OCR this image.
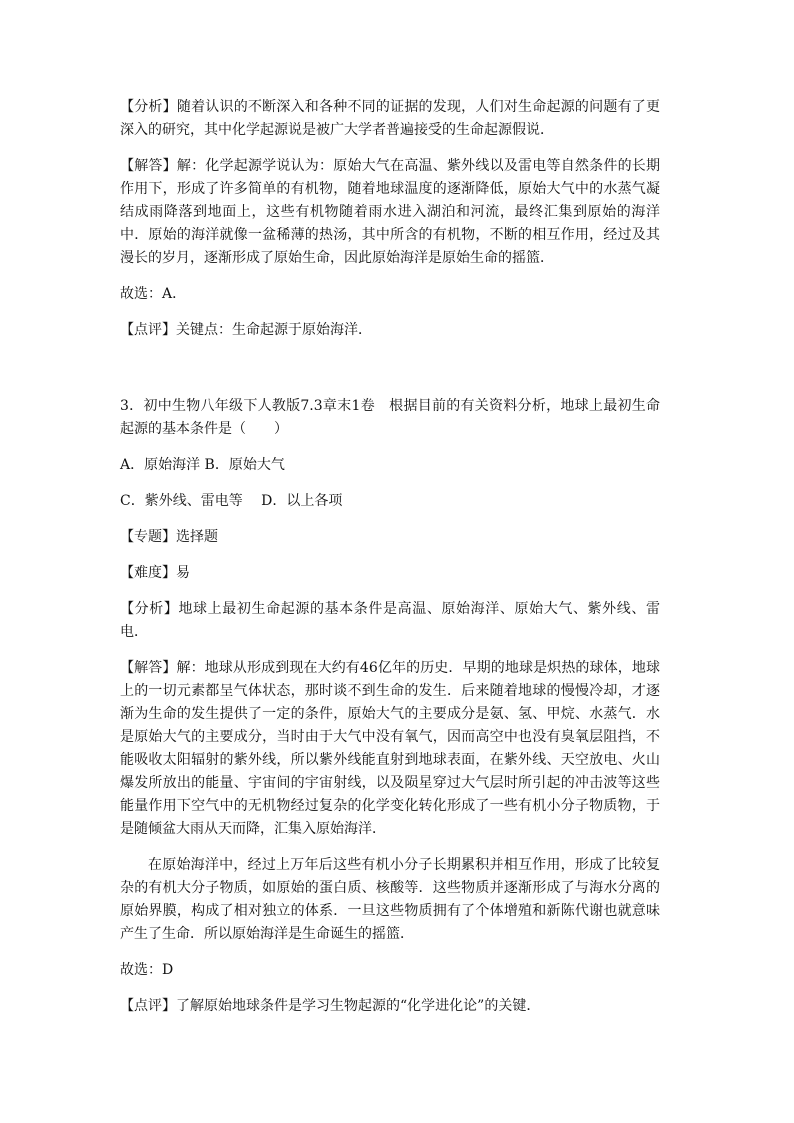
【分析】随着认识的不断深入和各种不同的证据的发现，人们对生命起源的问题有了更深入的研究，其中化学起源说是被广大学者普遍接受的生命起源假说．

【解答】解：化学起源学说认为：原始大气在高温、紫外线以及雷电等自然条件的长期作用下，形成了许多简单的有机物，随着地球温度的逐渐降低，原始大气中的水蒸气凝结成雨降落到地面上，这些有机物随着雨水进入湖泊和河流，最终汇集到原始的海洋中．原始的海洋就像一盆稀薄的热汤，其中所含的有机物，不断的相互作用，经过及其漫长的岁月，逐渐形成了原始生命，因此原始海洋是原始生命的摇篮．

故选：A．

【点评】关键点：生命起源于原始海洋．

3．初中生物八年级下人教版7.3章末1卷　根据目前的有关资料分析，地球上最初生命起源的基本条件是（　　）

A．原始海洋 B．原始大气

C．紫外线、雷电等　 D．以上各项

【专题】选择题

【难度】易

【分析】地球上最初生命起源的基本条件是高温、原始海洋、原始大气、紫外线、雷电．

【解答】解：地球从形成到现在大约有46亿年的历史．早期的地球是炽热的球体，地球上的一切元素都呈气体状态，那时谈不到生命的发生．后来随着地球的慢慢冷却，才逐渐为生命的发生提供了一定的条件，原始大气的主要成分是氨、氢、甲烷、水蒸气．水是原始大气的主要成分，当时由于大气中没有氧气，因而高空中也没有臭氧层阻挡，不能吸收太阳辐射的紫外线，所以紫外线能直射到地球表面，在紫外线、天空放电、火山爆发所放出的能量、宇宙间的宇宙射线，以及陨星穿过大气层时所引起的冲击波等这些能量作用下空气中的无机物经过复杂的化学变化转化形成了一些有机小分子物质物，于是随倾盆大雨从天而降，汇集入原始海洋．

在原始海洋中，经过上万年后这些有机小分子长期累积并相互作用，形成了比较复杂的有机大分子物质，如原始的蛋白质、核酸等．这些物质并逐渐形成了与海水分离的原始界膜，构成了相对独立的体系．一旦这些物质拥有了个体增殖和新陈代谢也就意味产生了生命．所以原始海洋是生命诞生的摇篮．

故选：D

【点评】了解原始地球条件是学习生物起源的“化学进化论”的关键．
